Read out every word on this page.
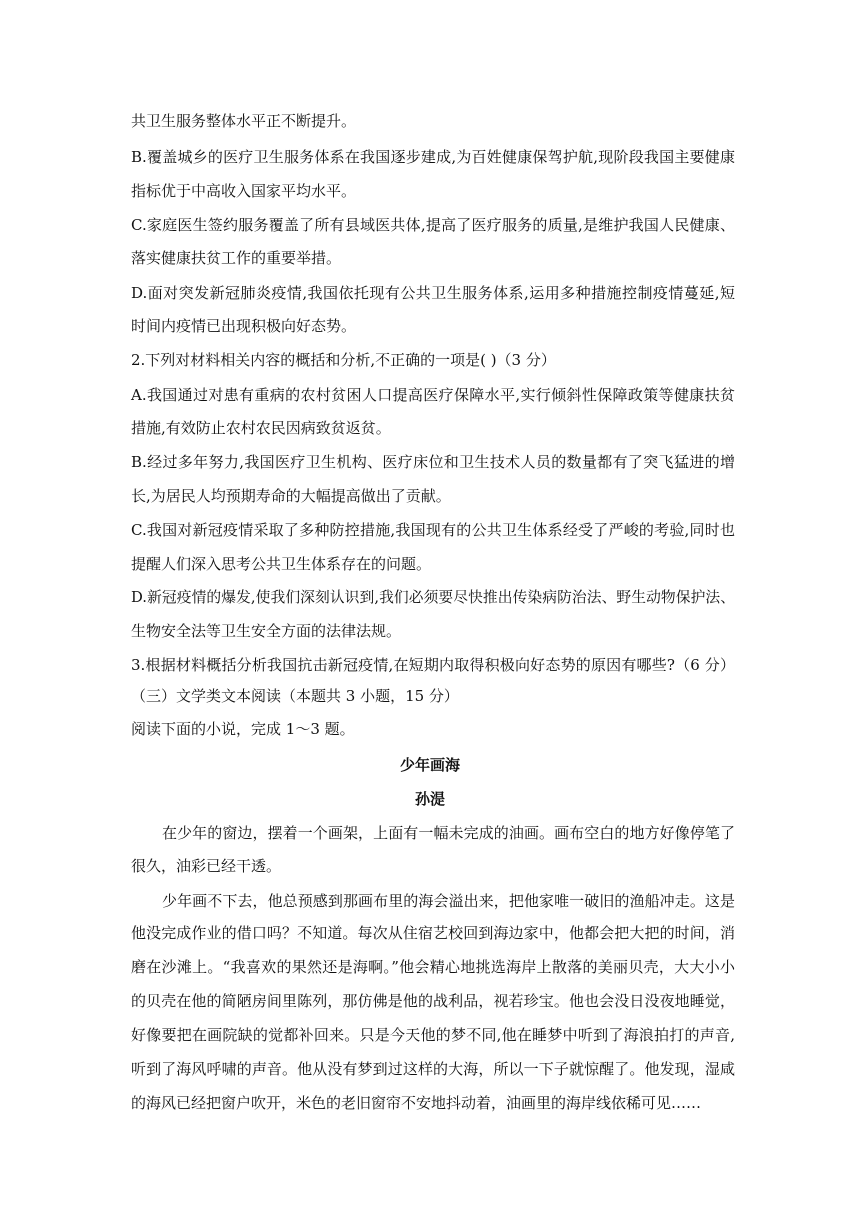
共卫生服务整体水平正不断提升。
B.覆盖城乡的医疗卫生服务体系在我国逐步建成,为百姓健康保驾护航,现阶段我国主要健康
指标优于中高收入国家平均水平。
C.家庭医生签约服务覆盖了所有县域医共体,提高了医疗服务的质量,是维护我国人民健康、
落实健康扶贫工作的重要举措。
D.面对突发新冠肺炎疫情,我国依托现有公共卫生服务体系,运用多种措施控制疫情蔓延,短
时间内疫情已出现积极向好态势。
2.下列对材料相关内容的概括和分析,不正确的一项是( )（3 分）
A.我国通过对患有重病的农村贫困人口提高医疗保障水平,实行倾斜性保障政策等健康扶贫
措施,有效防止农村农民因病致贫返贫。
B.经过多年努力,我国医疗卫生机构、医疗床位和卫生技术人员的数量都有了突飞猛进的增
长,为居民人均预期寿命的大幅提高做出了贡献。
C.我国对新冠疫情采取了多种防控措施,我国现有的公共卫生体系经受了严峻的考验,同时也
提醒人们深入思考公共卫生体系存在的问题。
D.新冠疫情的爆发,使我们深刻认识到,我们必须要尽快推出传染病防治法、野生动物保护法、
生物安全法等卫生安全方面的法律法规。
3.根据材料概括分析我国抗击新冠疫情,在短期内取得积极向好态势的原因有哪些?（6 分）
（三）文学类文本阅读（本题共 3 小题，15 分）
阅读下面的小说，完成 1～3 题。
少年画海
孙湜
在少年的窗边，摆着一个画架，上面有一幅未完成的油画。画布空白的地方好像停笔了
很久，油彩已经干透。
少年画不下去，他总预感到那画布里的海会溢出来，把他家唯一破旧的渔船冲走。这是
他没完成作业的借口吗？不知道。每次从住宿艺校回到海边家中，他都会把大把的时间，消
磨在沙滩上。“我喜欢的果然还是海啊。”他会精心地挑选海岸上散落的美丽贝壳，大大小小
的贝壳在他的简陋房间里陈列，那仿佛是他的战利品，视若珍宝。他也会没日没夜地睡觉，
好像要把在画院缺的觉都补回来。只是今天他的梦不同,他在睡梦中听到了海浪拍打的声音,
听到了海风呼啸的声音。他从没有梦到过这样的大海，所以一下子就惊醒了。他发现，湿咸
的海风已经把窗户吹开，米色的老旧窗帘不安地抖动着，油画里的海岸线依稀可见……
